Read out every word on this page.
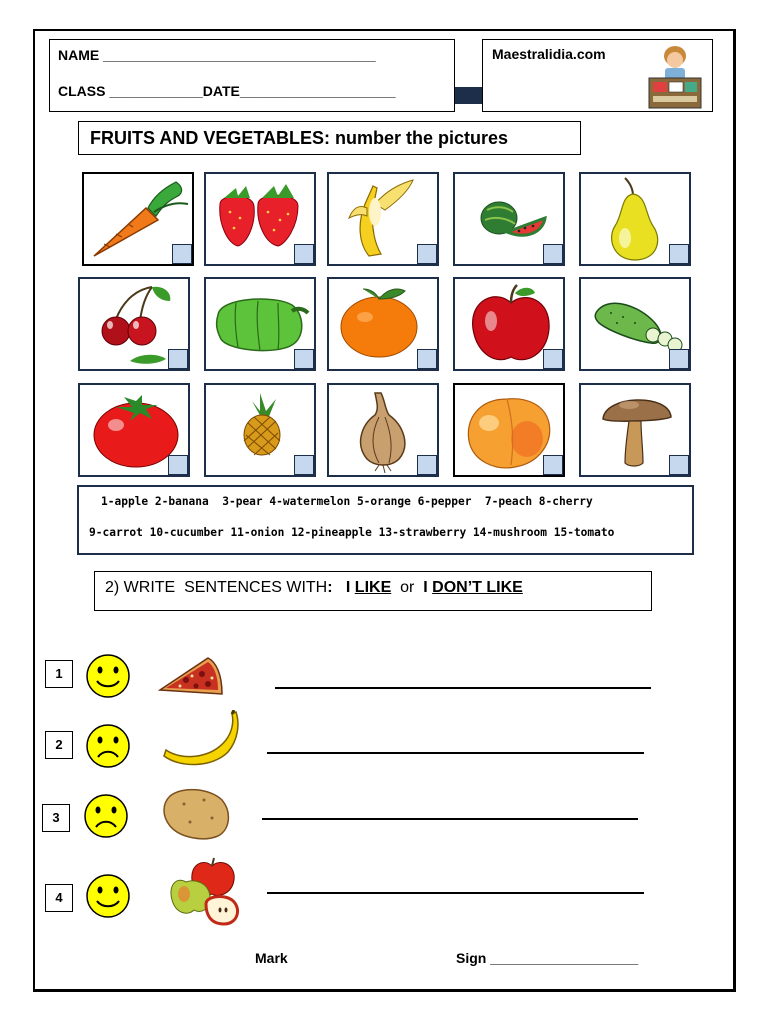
NAME ___________________________________
CLASS ____________DATE____________________
Maestralidia.com
FRUITS AND VEGETABLES: number the pictures
1-apple 2-banana  3-pear 4-watermelon 5-orange 6-pepper  7-peach 8-cherry
9-carrot 10-cucumber 11-onion 12-pineapple 13-strawberry 14-mushroom 15-tomato
2) WRITE  SENTENCES WITH: I LIKE  or  I DON’T LIKE
1
2
3
4
Mark	Sign ___________________
